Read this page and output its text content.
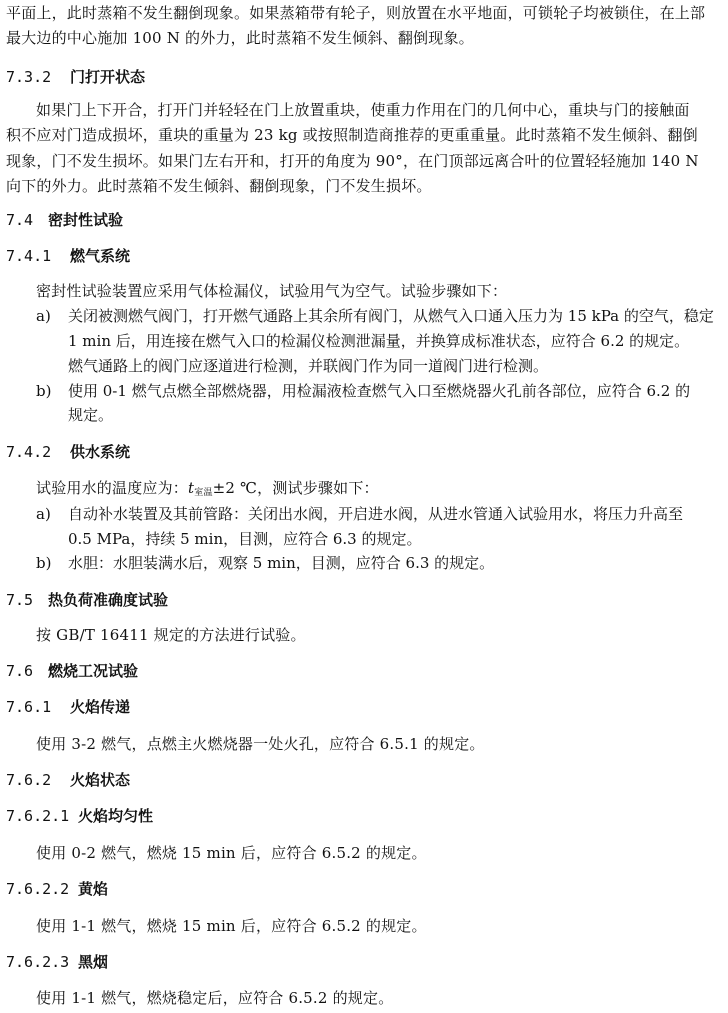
平面上，此时蒸箱不发生翻倒现象。如果蒸箱带有轮子，则放置在水平地面，可锁轮子均被锁住，在上部
最大边的中心施加 100 N 的外力，此时蒸箱不发生倾斜、翻倒现象。
7.3.2 门打开状态
如果门上下开合，打开门并轻轻在门上放置重块，使重力作用在门的几何中心，重块与门的接触面
积不应对门造成损坏，重块的重量为 23 kg 或按照制造商推荐的更重重量。此时蒸箱不发生倾斜、翻倒
现象，门不发生损坏。如果门左右开和，打开的角度为 90°，在门顶部远离合叶的位置轻轻施加 140 N
向下的外力。此时蒸箱不发生倾斜、翻倒现象，门不发生损坏。
7.4 密封性试验
7.4.1 燃气系统
密封性试验装置应采用气体检漏仪，试验用气为空气。试验步骤如下：
a) 关闭被测燃气阀门，打开燃气通路上其余所有阀门，从燃气入口通入压力为 15 kPa 的空气，稳定
1 min 后，用连接在燃气入口的检漏仪检测泄漏量，并换算成标准状态，应符合 6.2 的规定。
燃气通路上的阀门应逐道进行检测，并联阀门作为同一道阀门进行检测。
b) 使用 0-1 燃气点燃全部燃烧器，用检漏液检查燃气入口至燃烧器火孔前各部位，应符合 6.2 的
规定。
7.4.2 供水系统
试验用水的温度应为：$t_{室温}\pm 2$ ℃，测试步骤如下：
a) 自动补水装置及其前管路：关闭出水阀，开启进水阀，从进水管通入试验用水，将压力升高至
0.5 MPa，持续 5 min，目测，应符合 6.3 的规定。
b) 水胆：水胆装满水后，观察 5 min，目测，应符合 6.3 的规定。
7.5 热负荷准确度试验
按 GB/T 16411 规定的方法进行试验。
7.6 燃烧工况试验
7.6.1 火焰传递
使用 3-2 燃气，点燃主火燃烧器一处火孔，应符合 6.5.1 的规定。
7.6.2 火焰状态
7.6.2.1 火焰均匀性
使用 0-2 燃气，燃烧 15 min 后，应符合 6.5.2 的规定。
7.6.2.2 黄焰
使用 1-1 燃气，燃烧 15 min 后，应符合 6.5.2 的规定。
7.6.2.3 黑烟
使用 1-1 燃气，燃烧稳定后，应符合 6.5.2 的规定。
